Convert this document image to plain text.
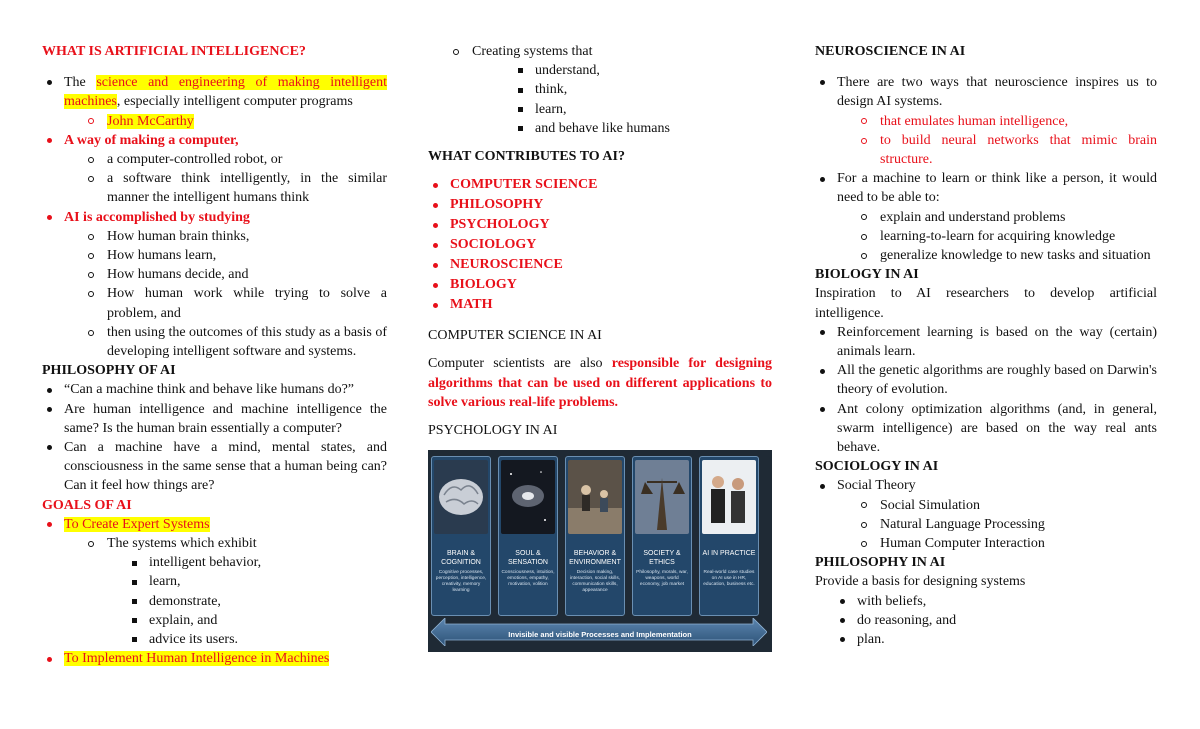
WHAT IS ARTIFICIAL INTELLIGENCE?
The science and engineering of making intelligent machines, especially intelligent computer programs
John McCarthy
A way of making a computer,
a computer-controlled robot, or
a software think intelligently, in the similar manner the intelligent humans think
AI is accomplished by studying
How human brain thinks,
How humans learn,
How humans decide, and
How human work while trying to solve a problem, and
then using the outcomes of this study as a basis of developing intelligent software and systems.
PHILOSOPHY OF AI
“Can a machine think and behave like humans do?”
Are human intelligence and machine intelligence the same? Is the human brain essentially a computer?
Can a machine have a mind, mental states, and consciousness in the same sense that a human being can? Can it feel how things are?
GOALS OF AI
To Create Expert Systems
The systems which exhibit
intelligent behavior,
learn,
demonstrate,
explain, and
advice its users.
To Implement Human Intelligence in Machines
Creating systems that
understand,
think,
learn,
and behave like humans
WHAT CONTRIBUTES TO AI?
COMPUTER SCIENCE
PHILOSOPHY
PSYCHOLOGY
SOCIOLOGY
NEUROSCIENCE
BIOLOGY
MATH
COMPUTER SCIENCE IN AI
Computer scientists are also responsible for designing algorithms that can be used on different applications to solve various real-life problems.
PSYCHOLOGY IN AI
BRAIN & COGNITION
Cognitive processes, perception, intelligence, creativity, memory learning
SOUL & SENSATION
Consciousness, intuition, emotions, empathy, motivation, volition
BEHAVIOR & ENVIRONMENT
Decision making, interaction, social skills, communication skills, appearance
SOCIETY & ETHICS
Philosophy, morals, war, weapons, world economy, job market
AI IN PRACTICE
Real-world case studies on AI use in HR, education, business etc.
Invisible and visible Processes and Implementation
NEUROSCIENCE IN AI
There are two ways that neuroscience inspires us to design AI systems.
that emulates human intelligence,
to build neural networks that mimic brain structure.
For a machine to learn or think like a person, it would need to be able to:
explain and understand problems
learning-to-learn for acquiring knowledge
generalize knowledge to new tasks and situation
BIOLOGY IN AI
Inspiration to AI researchers to develop artificial intelligence.
Reinforcement learning is based on the way (certain) animals learn.
All the genetic algorithms are roughly based on Darwin's theory of evolution.
Ant colony optimization algorithms (and, in general, swarm intelligence) are based on the way real ants behave.
SOCIOLOGY IN AI
Social Theory
Social Simulation
Natural Language Processing
Human Computer Interaction
PHILOSOPHY IN AI
Provide a basis for designing systems
with beliefs,
do reasoning, and
plan.
